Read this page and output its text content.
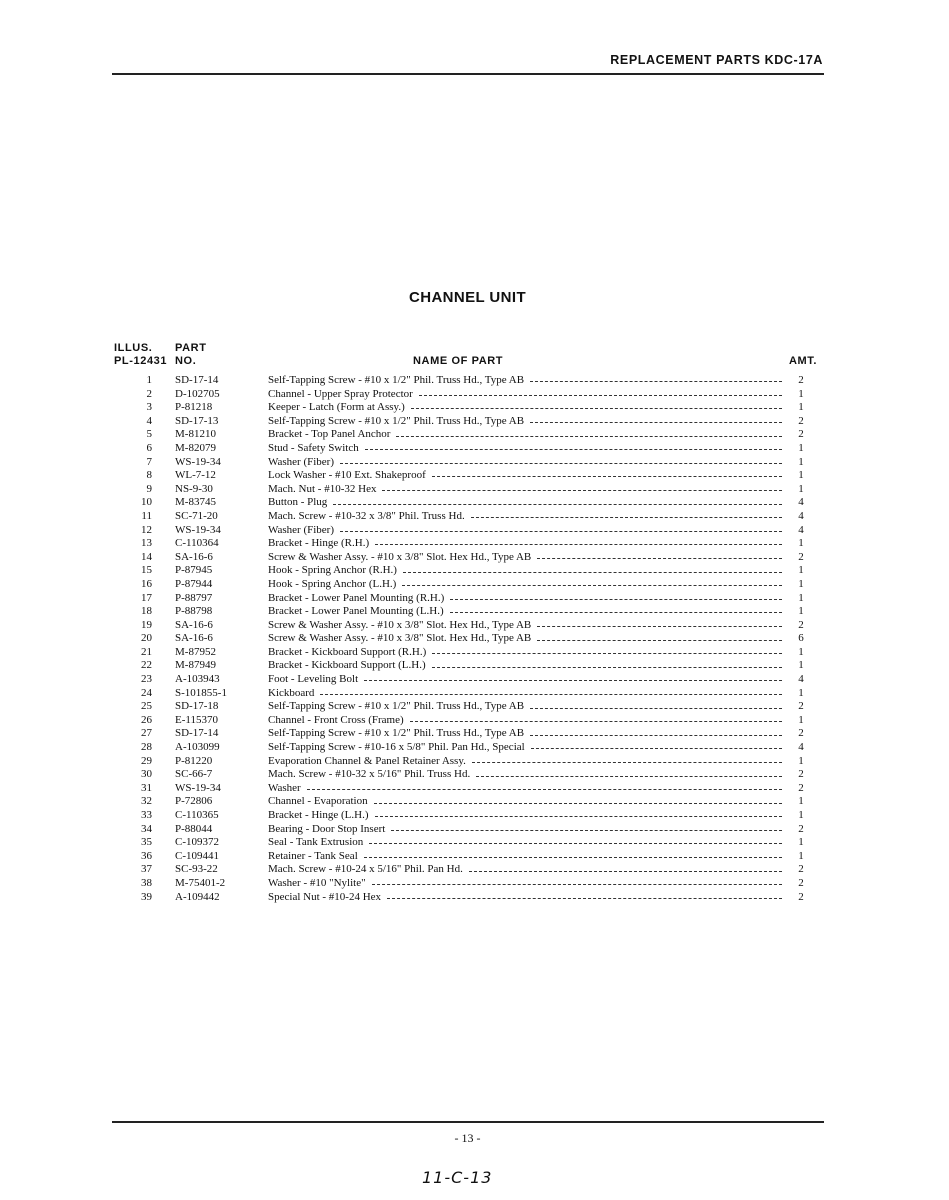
REPLACEMENT PARTS KDC-17A
CHANNEL UNIT
ILLUS.
PL-12431
PART
NO.	NAME OF PART	AMT.
1 SD-17-14	Self-Tapping Screw - #10 x 1/2" Phil. Truss Hd., Type AB	2
2 D-102705	Channel - Upper Spray Protector	1
3 P-81218	Keeper - Latch (Form at Assy.)	1
4 SD-17-13	Self-Tapping Screw - #10 x 1/2" Phil. Truss Hd., Type AB	2
5 M-81210	Bracket - Top Panel Anchor	2
6 M-82079	Stud - Safety Switch	1
7 WS-19-34	Washer (Fiber)	1
8 WL-7-12	Lock Washer - #10 Ext. Shakeproof	1
9 NS-9-30	Mach. Nut - #10-32 Hex	1
10 M-83745	Button - Plug	4
11 SC-71-20	Mach. Screw - #10-32 x 3/8" Phil. Truss Hd.	4
12 WS-19-34	Washer (Fiber)	4
13 C-110364	Bracket - Hinge (R.H.)	1
14 SA-16-6	Screw & Washer Assy. - #10 x 3/8" Slot. Hex Hd., Type AB	2
15 P-87945	Hook - Spring Anchor (R.H.)	1
16 P-87944	Hook - Spring Anchor (L.H.)	1
17 P-88797	Bracket - Lower Panel Mounting (R.H.)	1
18 P-88798	Bracket - Lower Panel Mounting (L.H.)	1
19 SA-16-6	Screw & Washer Assy. - #10 x 3/8" Slot. Hex Hd., Type AB	2
20 SA-16-6	Screw & Washer Assy. - #10 x 3/8" Slot. Hex Hd., Type AB	6
21 M-87952	Bracket - Kickboard Support (R.H.)	1
22 M-87949	Bracket - Kickboard Support (L.H.)	1
23 A-103943	Foot - Leveling Bolt	4
24 S-101855-1	Kickboard	1
25 SD-17-18	Self-Tapping Screw - #10 x 1/2" Phil. Truss Hd., Type AB	2
26 E-115370	Channel - Front Cross (Frame)	1
27 SD-17-14	Self-Tapping Screw - #10 x 1/2" Phil. Truss Hd., Type AB	2
28 A-103099	Self-Tapping Screw - #10-16 x 5/8" Phil. Pan Hd., Special	4
29 P-81220	Evaporation Channel & Panel Retainer Assy.	1
30 SC-66-7	Mach. Screw - #10-32 x 5/16" Phil. Truss Hd.	2
31 WS-19-34	Washer	2
32 P-72806	Channel - Evaporation	1
33 C-110365	Bracket - Hinge (L.H.)	1
34 P-88044	Bearing - Door Stop Insert	2
35 C-109372	Seal - Tank Extrusion	1
36 C-109441	Retainer - Tank Seal	1
37 SC-93-22	Mach. Screw - #10-24 x 5/16" Phil. Pan Hd.	2
38 M-75401-2	Washer - #10 "Nylite"	2
39 A-109442	Special Nut - #10-24 Hex	2
- 13 -
11-C-13
